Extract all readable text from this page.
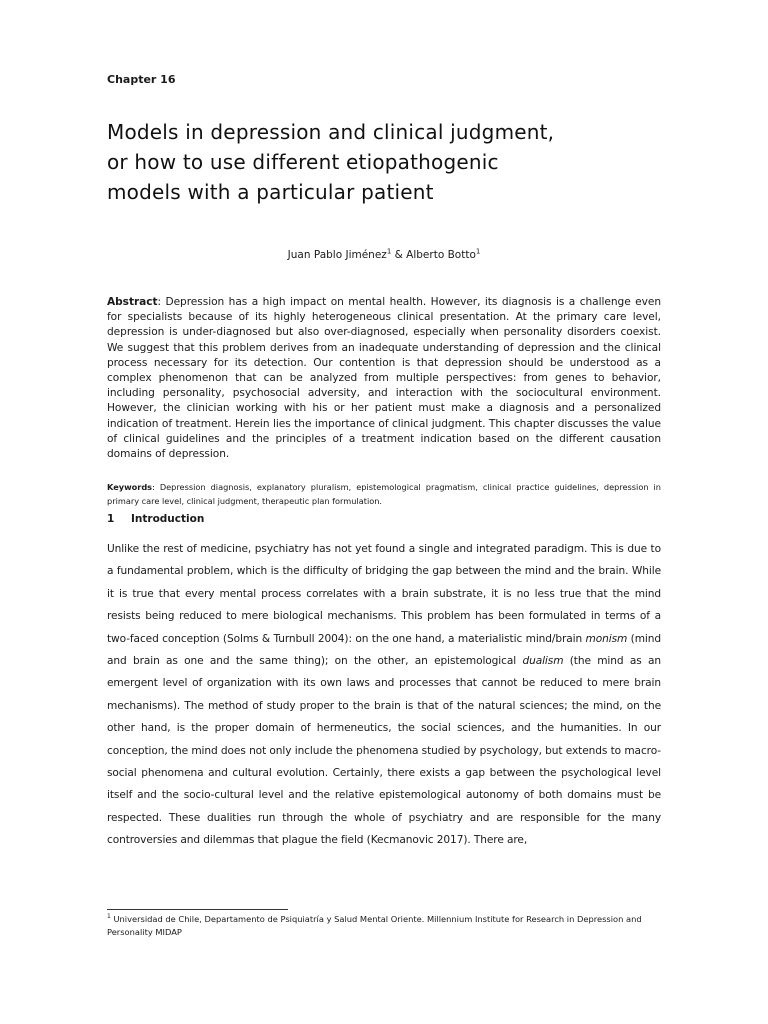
Chapter 16

Models in depression and clinical judgment,
or how to use different etiopathogenic
models with a particular patient

Juan Pablo Jiménez$^1$ & Alberto Botto$^1$

Abstract: Depression has a high impact on mental health. However, its diagnosis is a challenge even for specialists because of its highly heterogeneous clinical presentation. At the primary care level, depression is under-diagnosed but also over-diagnosed, especially when personality disorders coexist. We suggest that this problem derives from an inadequate understanding of depression and the clinical process necessary for its detection. Our contention is that depression should be understood as a complex phenomenon that can be analyzed from multiple perspectives: from genes to behavior, including personality, psychosocial adversity, and interaction with the sociocultural environment. However, the clinician working with his or her patient must make a diagnosis and a personalized indication of treatment. Herein lies the importance of clinical judgment. This chapter discusses the value of clinical guidelines and the principles of a treatment indication based on the different causation domains of depression.

Keywords: Depression diagnosis, explanatory pluralism, epistemological pragmatism, clinical practice guidelines, depression in primary care level, clinical judgment, therapeutic plan formulation.

1 Introduction

Unlike the rest of medicine, psychiatry has not yet found a single and integrated paradigm. This is due to a fundamental problem, which is the difficulty of bridging the gap between the mind and the brain. While it is true that every mental process correlates with a brain substrate, it is no less true that the mind resists being reduced to mere biological mechanisms. This problem has been formulated in terms of a two-faced conception (Solms & Turnbull 2004): on the one hand, a materialistic mind/brain monism (mind and brain as one and the same thing); on the other, an epistemological dualism (the mind as an emergent level of organization with its own laws and processes that cannot be reduced to mere brain mechanisms). The method of study proper to the brain is that of the natural sciences; the mind, on the other hand, is the proper domain of hermeneutics, the social sciences, and the humanities. In our conception, the mind does not only include the phenomena studied by psychology, but extends to macro-social phenomena and cultural evolution. Certainly, there exists a gap between the psychological level itself and the socio-cultural level and the relative epistemological autonomy of both domains must be respected. These dualities run through the whole of psychiatry and are responsible for the many controversies and dilemmas that plague the field (Kecmanovic 2017). There are,

$^1$ Universidad de Chile, Departamento de Psiquiatría y Salud Mental Oriente. Millennium Institute for Research in Depression and Personality MIDAP
